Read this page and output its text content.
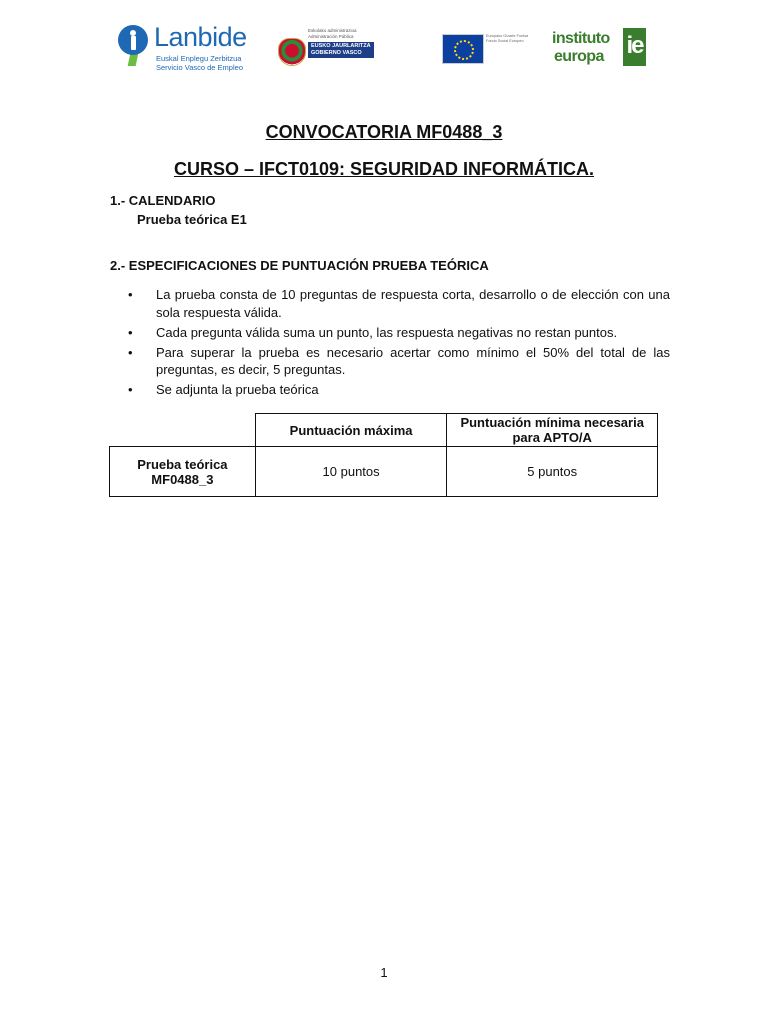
Lanbide
Euskal Enplegu Zerbitzua
Servicio Vasco de Empleo
Eskolako administrazioa
Administración Pública
EUSKO JAURLARITZA
GOBIERNO VASCO
Europako Gizarte Funtsa
Fondo Social Europeo instituto
europa ie
CONVOCATORIA MF0488_3
CURSO – IFCT0109: SEGURIDAD INFORMÁTICA.
1.- CALENDARIO
Prueba teórica E1
2.- ESPECIFICACIONES DE PUNTUACIÓN PRUEBA TEÓRICA
• La prueba consta de 10 preguntas de respuesta corta, desarrollo o de elección con una sola respuesta válida.
• Cada pregunta válida suma un punto, las respuesta negativas no restan puntos.
• Para superar la prueba es necesario acertar como mínimo el 50% del total de las preguntas, es decir, 5 preguntas.
• Se adjunta la prueba teórica
	Puntuación máxima	Puntuación mínima necesaria para APTO/A

Prueba teórica
MF0488_3	10 puntos	5 puntos
1
